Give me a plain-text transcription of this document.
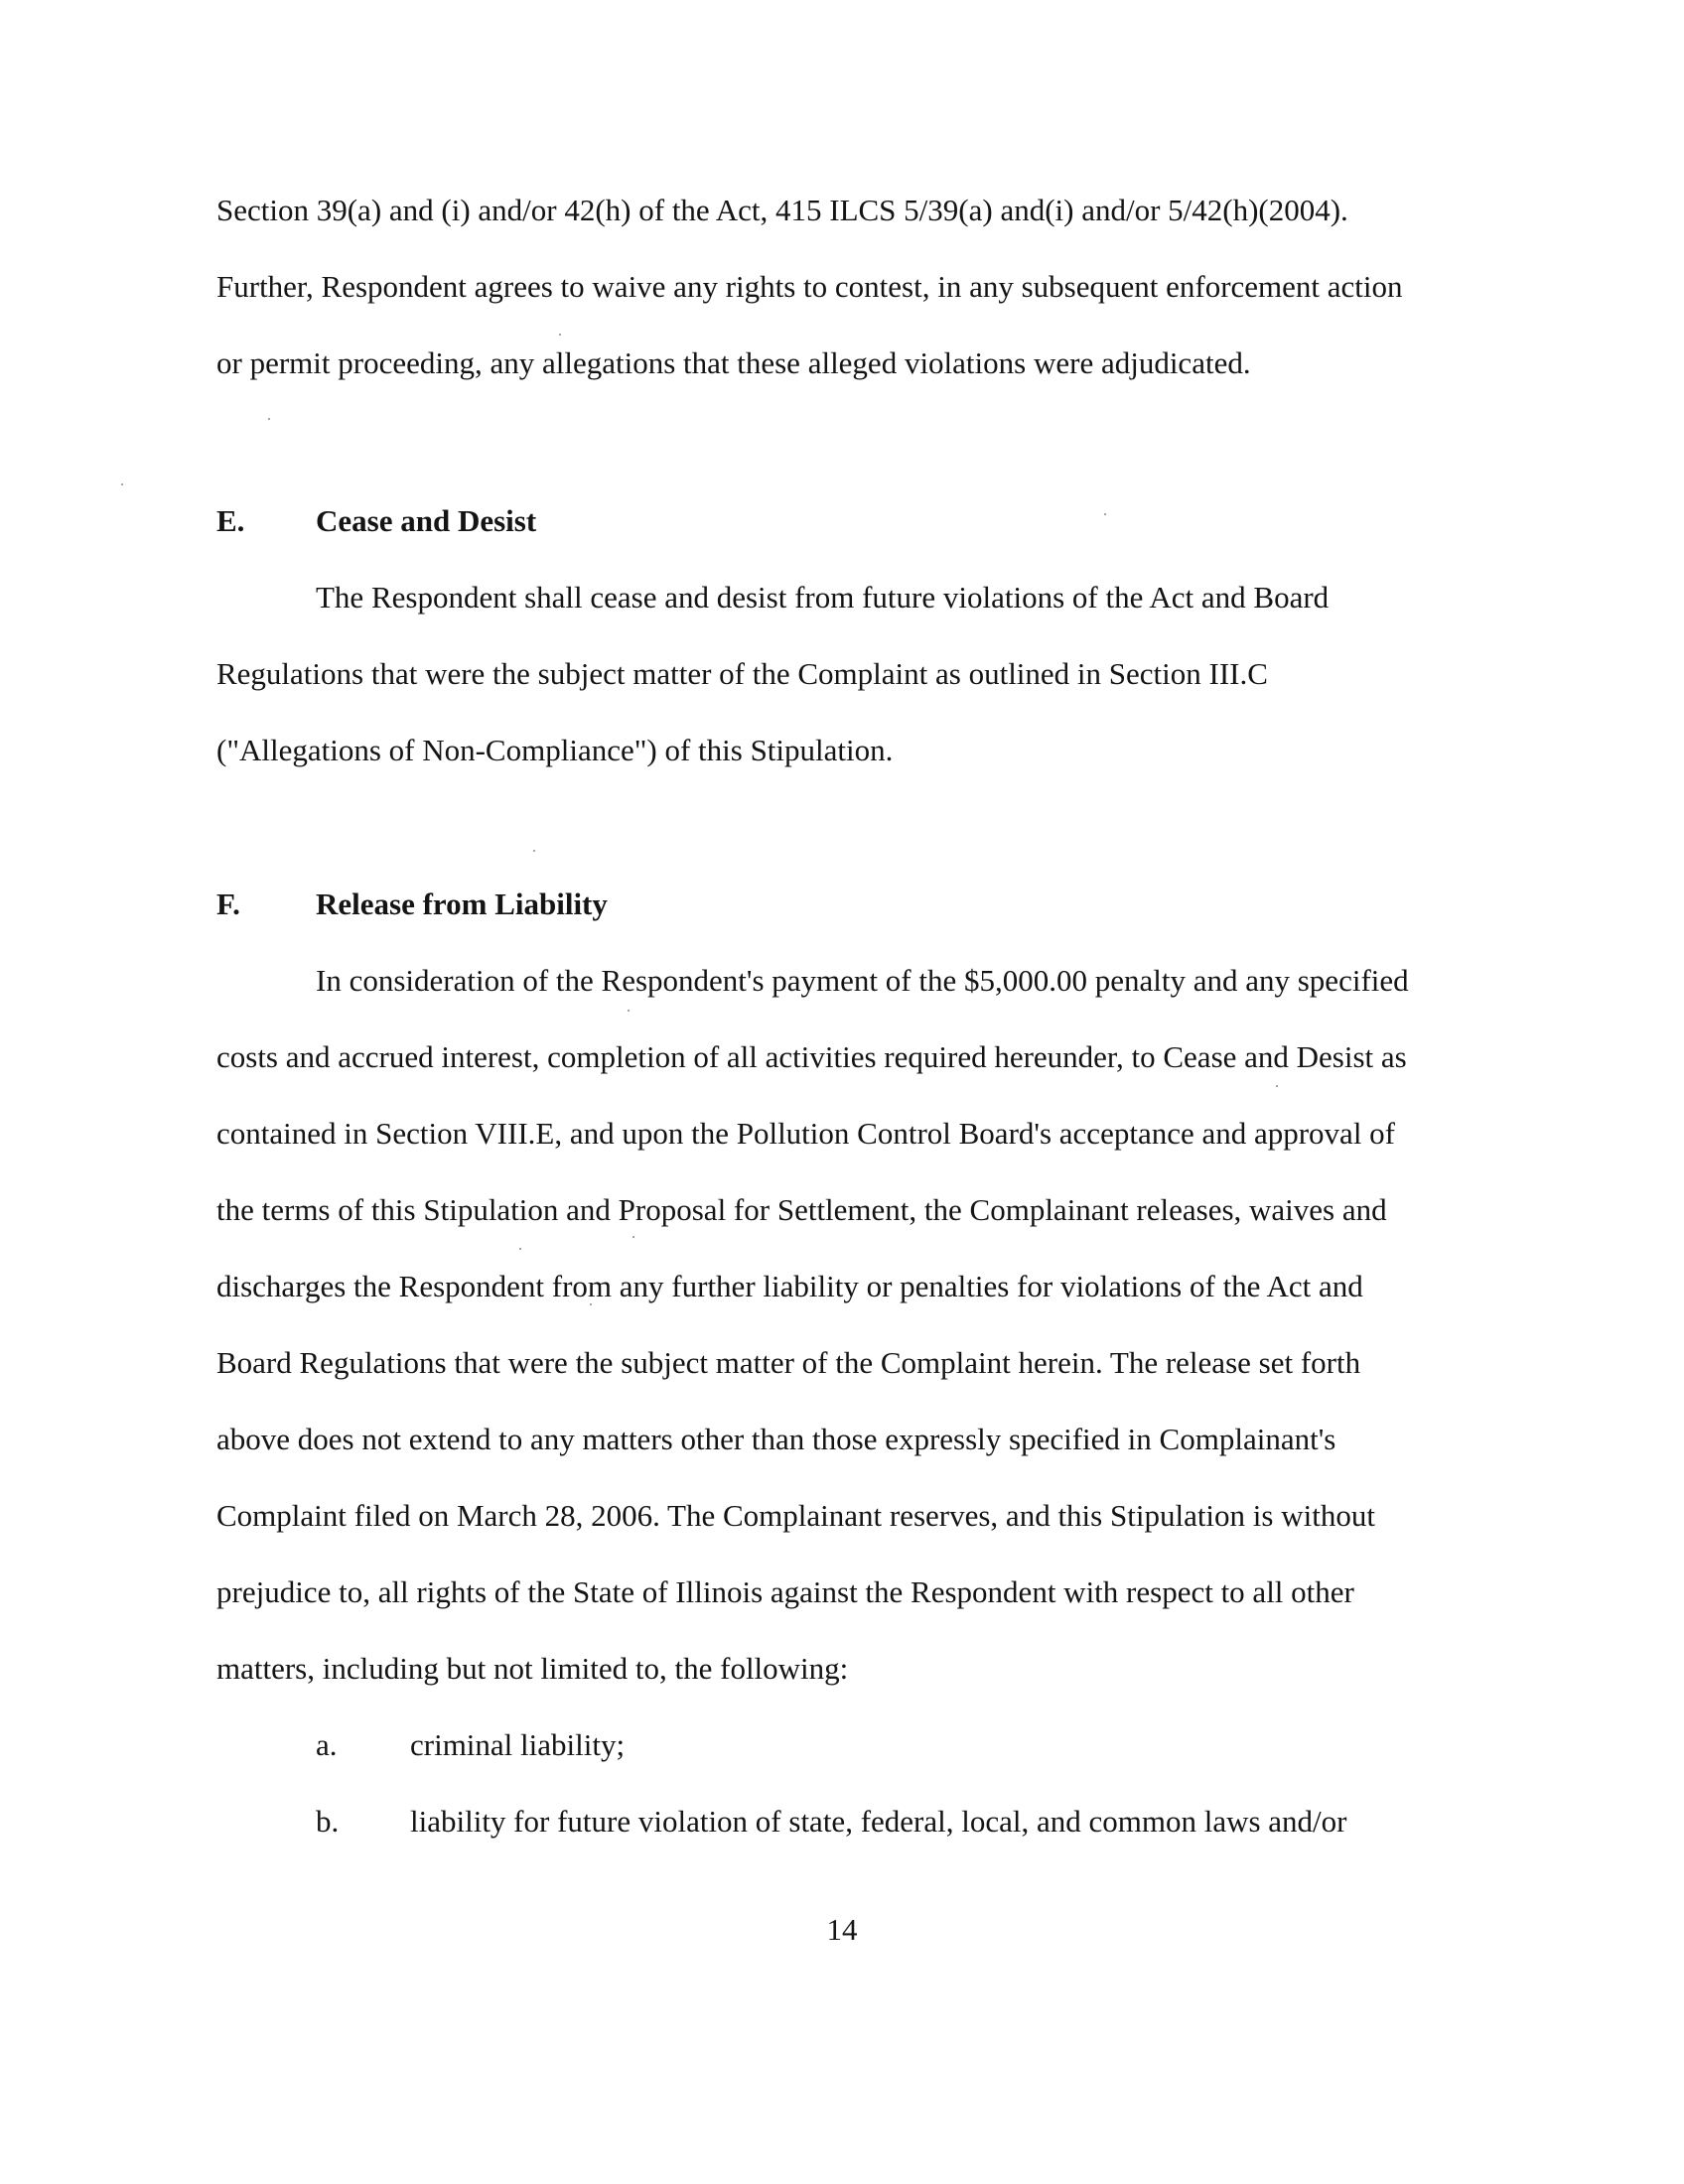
Section 39(a) and (i) and/or 42(h) of the Act, 415 ILCS 5/39(a) and(i) and/or 5/42(h)(2004).
Further, Respondent agrees to waive any rights to contest, in any subsequent enforcement action
or permit proceeding, any allegations that these alleged violations were adjudicated.
E. Cease and Desist
The Respondent shall cease and desist from future violations of the Act and Board
Regulations that were the subject matter of the Complaint as outlined in Section III.C
("Allegations of Non-Compliance") of this Stipulation.
F. Release from Liability
In consideration of the Respondent's payment of the $5,000.00 penalty and any specified
costs and accrued interest, completion of all activities required hereunder, to Cease and Desist as
contained in Section VIII.E, and upon the Pollution Control Board's acceptance and approval of
the terms of this Stipulation and Proposal for Settlement, the Complainant releases, waives and
discharges the Respondent from any further liability or penalties for violations of the Act and
Board Regulations that were the subject matter of the Complaint herein. The release set forth
above does not extend to any matters other than those expressly specified in Complainant's
Complaint filed on March 28, 2006. The Complainant reserves, and this Stipulation is without
prejudice to, all rights of the State of Illinois against the Respondent with respect to all other
matters, including but not limited to, the following:
a. criminal liability;
b. liability for future violation of state, federal, local, and common laws and/or
14
